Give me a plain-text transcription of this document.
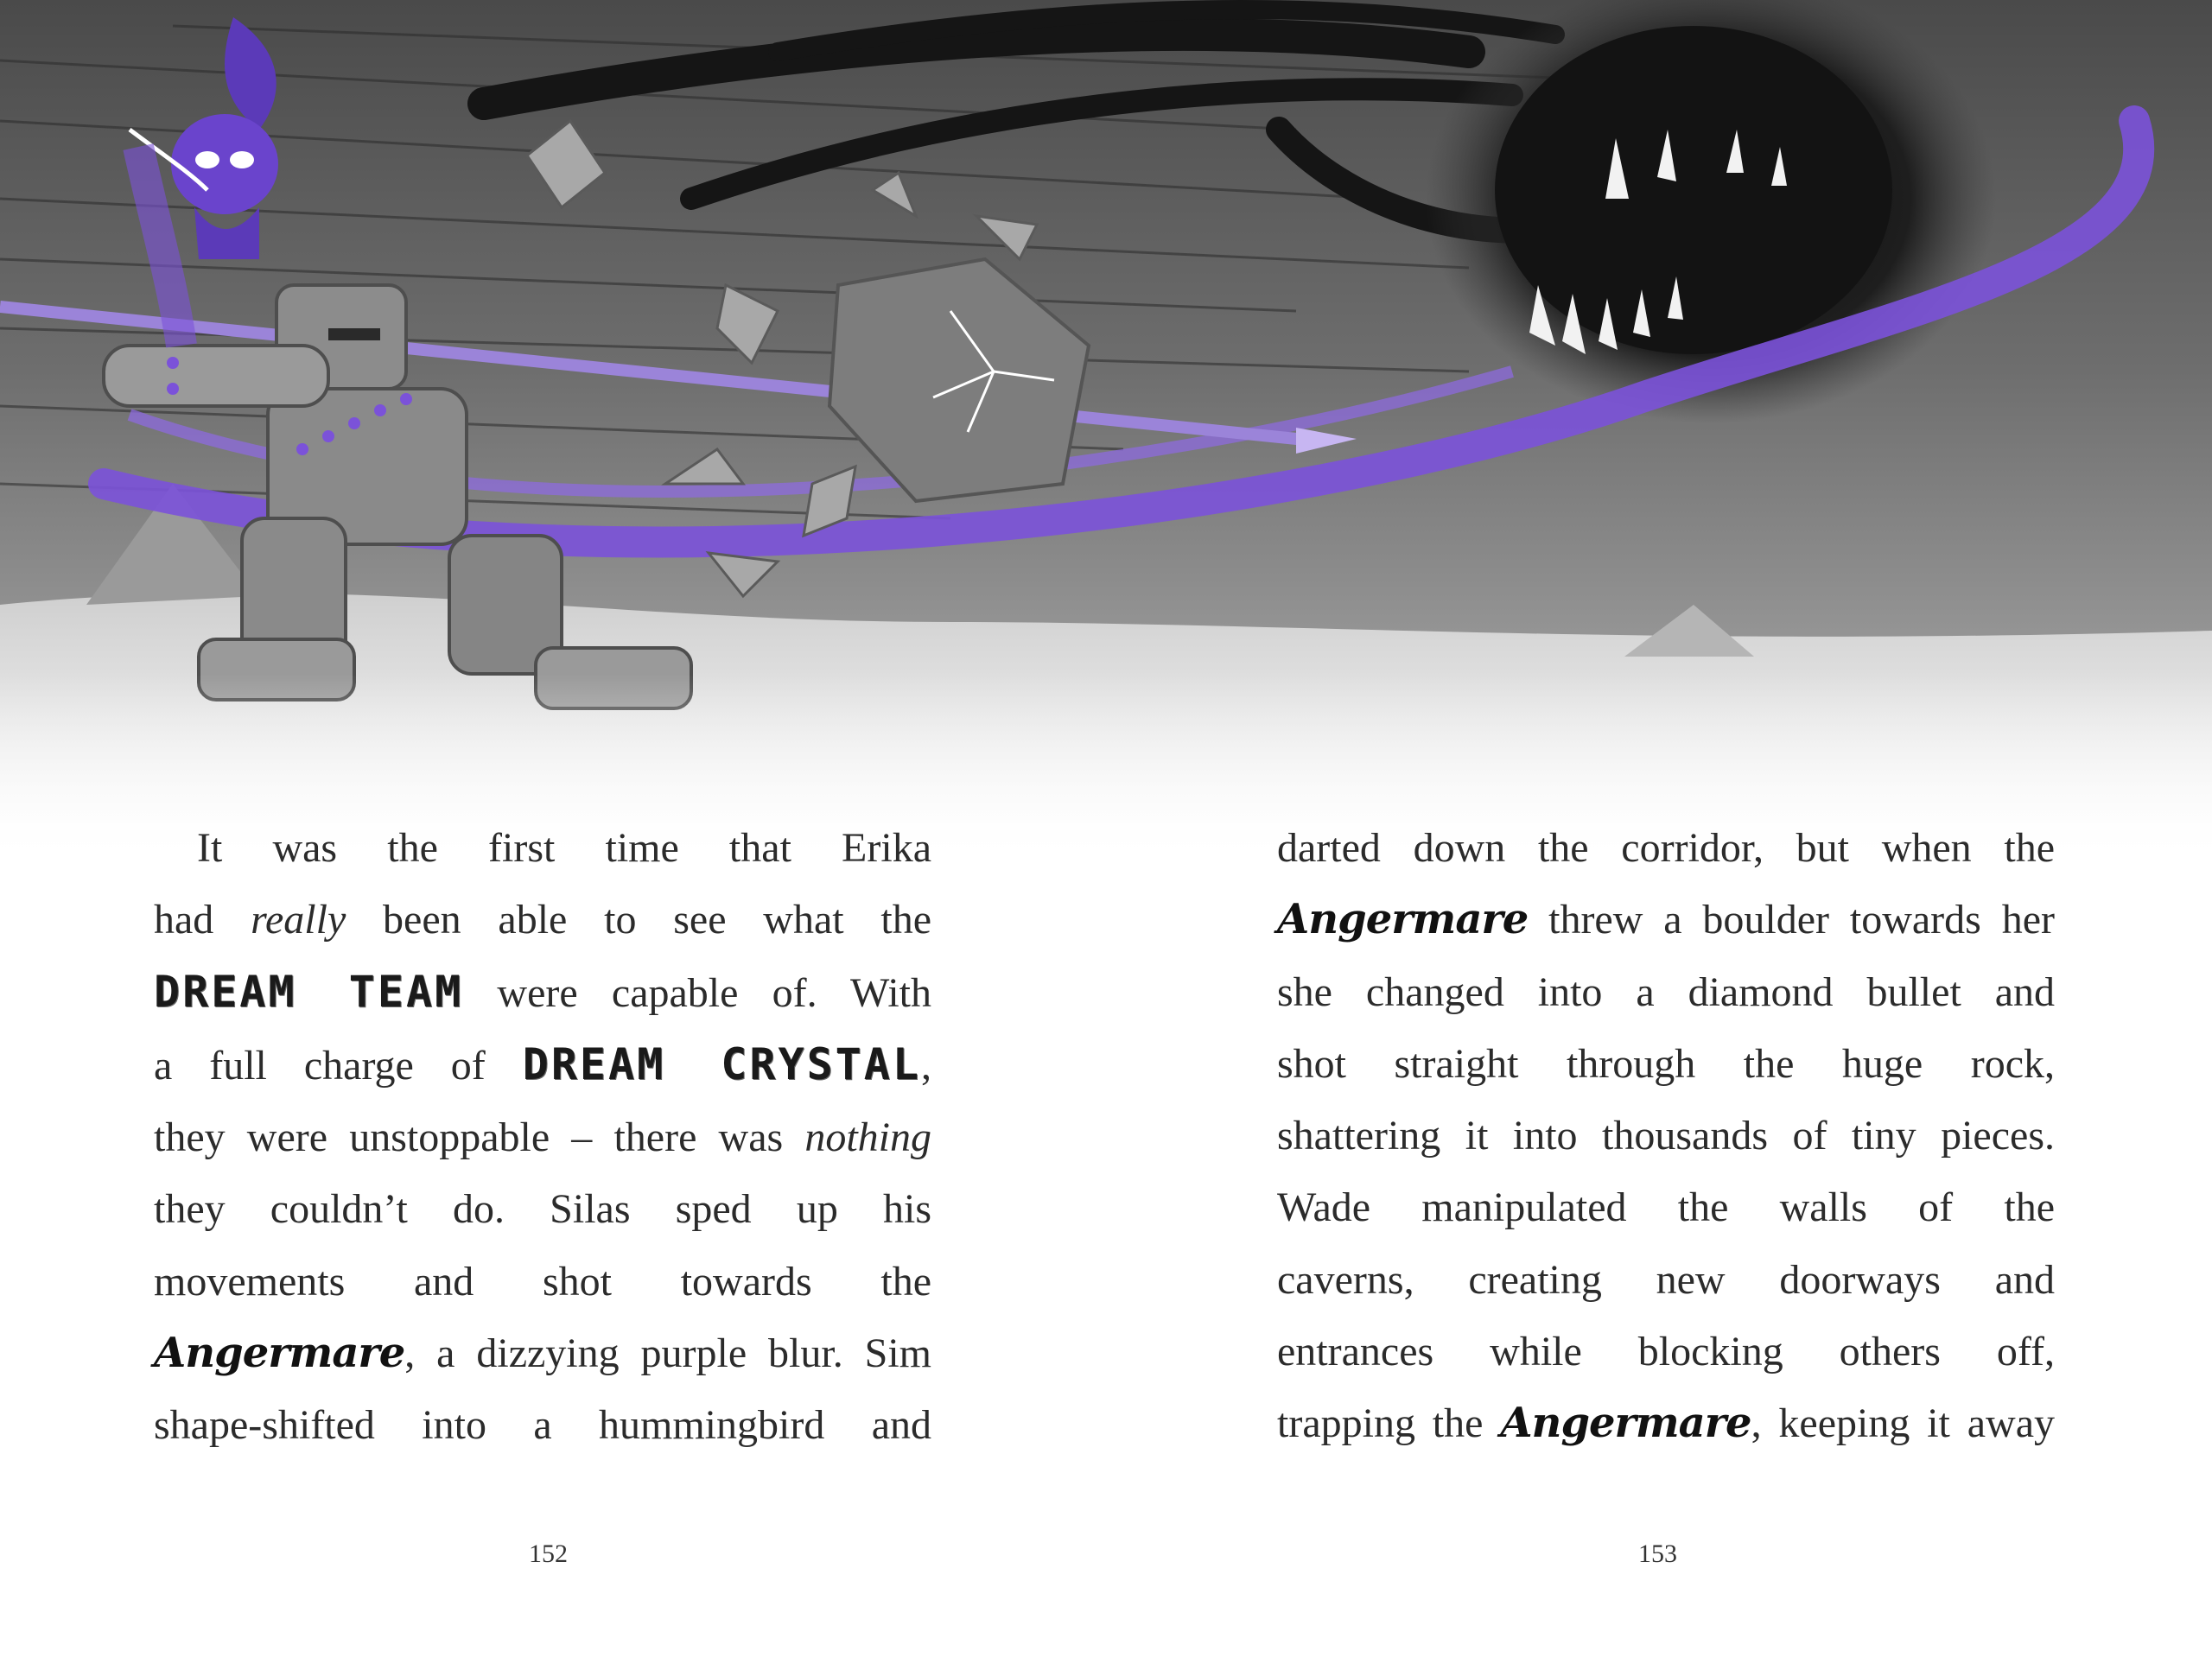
It was the first time that Erika
had really been able to see what the
DREAM TEAM were capable of. With
a full charge of DREAM CRYSTAL,
they were unstoppable – there was nothing
they couldn’t do. Silas sped up his
movements and shot towards the
Angermare, a dizzying purple blur. Sim
shape-shifted into a hummingbird and
152
darted down the corridor, but when the
Angermare threw a boulder towards her
she changed into a diamond bullet and
shot straight through the huge rock,
shattering it into thousands of tiny pieces.
Wade manipulated the walls of the
caverns, creating new doorways and
entrances while blocking others off,
trapping the Angermare, keeping it away
153
